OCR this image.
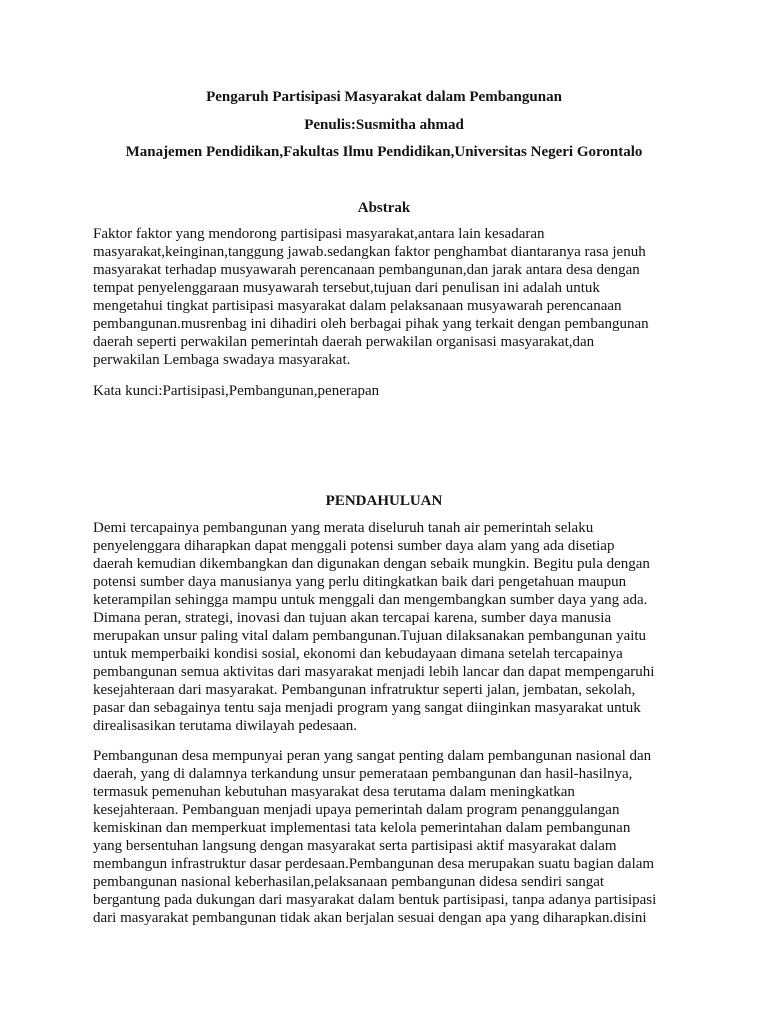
Pengaruh Partisipasi Masyarakat dalam Pembangunan
Penulis:Susmitha ahmad
Manajemen Pendidikan,Fakultas Ilmu Pendidikan,Universitas Negeri Gorontalo
Abstrak
Faktor faktor yang mendorong partisipasi masyarakat,antara lain kesadaran
masyarakat,keinginan,tanggung jawab.sedangkan faktor penghambat diantaranya rasa jenuh
masyarakat terhadap musyawarah perencanaan pembangunan,dan jarak antara desa dengan
tempat penyelenggaraan musyawarah tersebut,tujuan dari penulisan ini adalah untuk
mengetahui tingkat partisipasi masyarakat dalam pelaksanaan musyawarah perencanaan
pembangunan.musrenbag ini dihadiri oleh berbagai pihak yang terkait dengan pembangunan
daerah seperti perwakilan pemerintah daerah perwakilan organisasi masyarakat,dan
perwakilan Lembaga swadaya masyarakat.
Kata kunci:Partisipasi,Pembangunan,penerapan
PENDAHULUAN
Demi tercapainya pembangunan yang merata diseluruh tanah air pemerintah selaku
penyelenggara diharapkan dapat menggali potensi sumber daya alam yang ada disetiap
daerah kemudian dikembangkan dan digunakan dengan sebaik mungkin. Begitu pula dengan
potensi sumber daya manusianya yang perlu ditingkatkan baik dari pengetahuan maupun
keterampilan sehingga mampu untuk menggali dan mengembangkan sumber daya yang ada.
Dimana peran, strategi, inovasi dan tujuan akan tercapai karena, sumber daya manusia
merupakan unsur paling vital dalam pembangunan.Tujuan dilaksanakan pembangunan yaitu
untuk memperbaiki kondisi sosial, ekonomi dan kebudayaan dimana setelah tercapainya
pembangunan semua aktivitas dari masyarakat menjadi lebih lancar dan dapat mempengaruhi
kesejahteraan dari masyarakat. Pembangunan infratruktur seperti jalan, jembatan, sekolah,
pasar dan sebagainya tentu saja menjadi program yang sangat diinginkan masyarakat untuk
direalisasikan terutama diwilayah pedesaan.
Pembangunan desa mempunyai peran yang sangat penting dalam pembangunan nasional dan
daerah, yang di dalamnya terkandung unsur pemerataan pembangunan dan hasil-hasilnya,
termasuk pemenuhan kebutuhan masyarakat desa terutama dalam meningkatkan
kesejahteraan. Pembanguan menjadi upaya pemerintah dalam program penanggulangan
kemiskinan dan memperkuat implementasi tata kelola pemerintahan dalam pembangunan
yang bersentuhan langsung dengan masyarakat serta partisipasi aktif masyarakat dalam
membangun infrastruktur dasar perdesaan.Pembangunan desa merupakan suatu bagian dalam
pembangunan nasional keberhasilan,pelaksanaan pembangunan didesa sendiri sangat
bergantung pada dukungan dari masyarakat dalam bentuk partisipasi, tanpa adanya partisipasi
dari masyarakat pembangunan tidak akan berjalan sesuai dengan apa yang diharapkan.disini
